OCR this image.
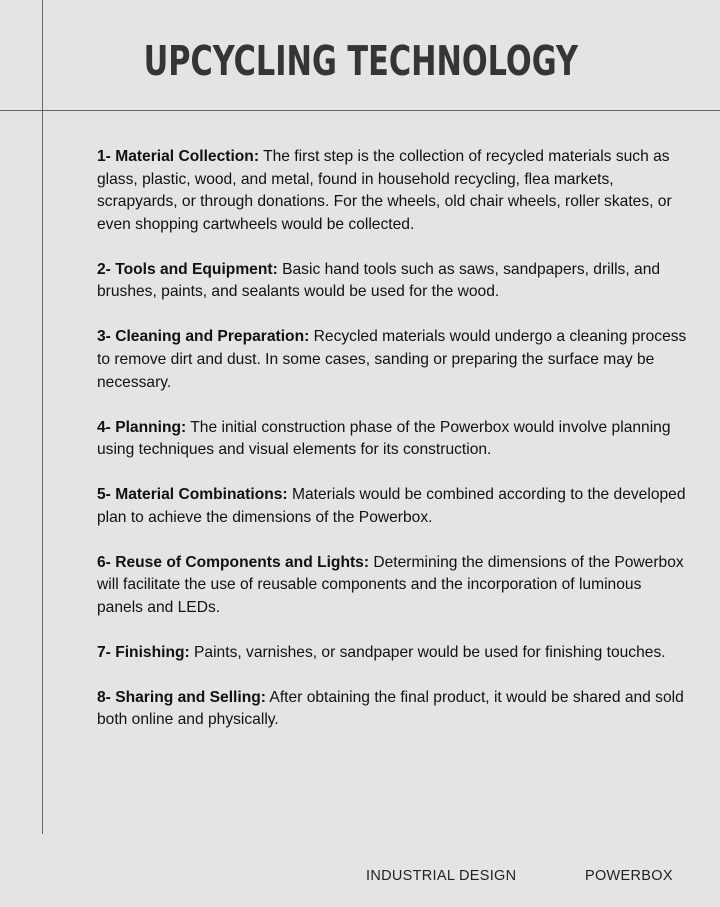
UPCYCLING TECHNOLOGY

1- Material Collection: The first step is the collection of recycled materials such as glass, plastic, wood, and metal, found in household recycling, flea markets, scrapyards, or through donations. For the wheels, old chair wheels, roller skates, or even shopping cartwheels would be collected.

2- Tools and Equipment: Basic hand tools such as saws, sandpapers, drills, and brushes, paints, and sealants would be used for the wood.

3- Cleaning and Preparation: Recycled materials would undergo a cleaning process to remove dirt and dust. In some cases, sanding or preparing the surface may be necessary.

4- Planning: The initial construction phase of the Powerbox would involve planning using techniques and visual elements for its construction.

5- Material Combinations: Materials would be combined according to the developed plan to achieve the dimensions of the Powerbox.

6- Reuse of Components and Lights: Determining the dimensions of the Powerbox will facilitate the use of reusable components and the incorporation of luminous panels and LEDs.

7- Finishing: Paints, varnishes, or sandpaper would be used for finishing touches.

8- Sharing and Selling: After obtaining the final product, it would be shared and sold both online and physically.

INDUSTRIAL DESIGN	POWERBOX
